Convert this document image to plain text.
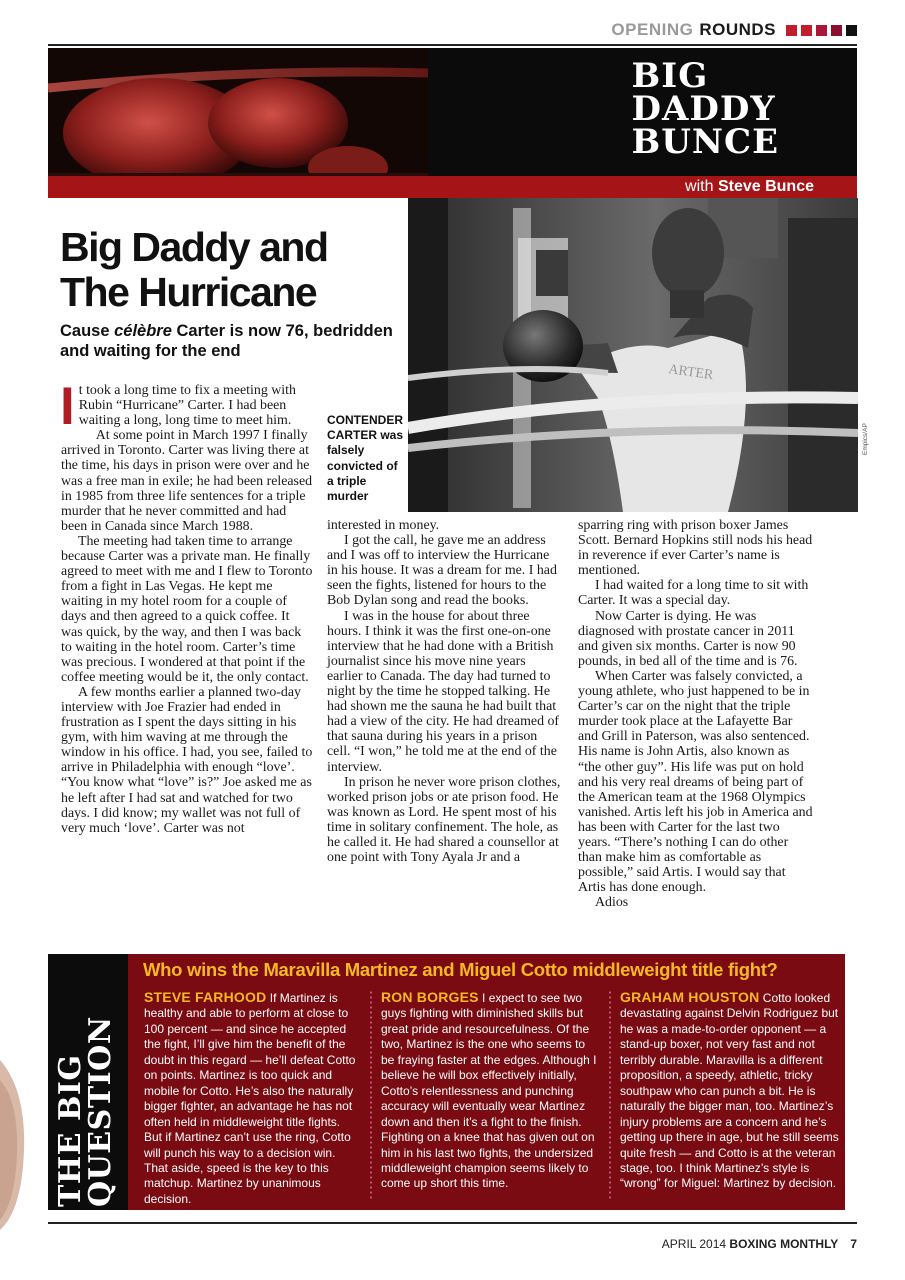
OPENING ROUNDS
BIG
DADDY
BUNCE
with Steve Bunce
Big Daddy and The Hurricane

Cause célèbre Carter is now 76, bedridden and waiting for the end

ARTER
Empics/AP
CONTENDER CARTER was falsely convicted of a triple murder

It took a long time to fix a meeting with Rubin “Hurricane” Carter. I had been waiting a long, long time to meet him.

At some point in March 1997 I finally arrived in Toronto. Carter was living there at the time, his days in prison were over and he was a free man in exile; he had been released in 1985 from three life sentences for a triple murder that he never committed and had been in Canada since March 1988.

The meeting had taken time to arrange because Carter was a private man. He finally agreed to meet with me and I flew to Toronto from a fight in Las Vegas. He kept me waiting in my hotel room for a couple of days and then agreed to a quick coffee. It was quick, by the way, and then I was back to waiting in the hotel room. Carter’s time was precious. I wondered at that point if the coffee meeting would be it, the only contact.

A few months earlier a planned two-day interview with Joe Frazier had ended in frustration as I spent the days sitting in his gym, with him waving at me through the window in his office. I had, you see, failed to arrive in Philadelphia with enough “love’. “You know what “love” is?” Joe asked me as he left after I had sat and watched for two days. I did know; my wallet was not full of very much ‘love’. Carter was not

interested in money.

I got the call, he gave me an address and I was off to interview the Hurricane in his house. It was a dream for me. I had seen the fights, listened for hours to the Bob Dylan song and read the books.

I was in the house for about three hours. I think it was the first one-on-one interview that he had done with a British journalist since his move nine years earlier to Canada. The day had turned to night by the time he stopped talking. He had shown me the sauna he had built that had a view of the city. He had dreamed of that sauna during his years in a prison cell. “I won,” he told me at the end of the interview.

In prison he never wore prison clothes, worked prison jobs or ate prison food. He was known as Lord. He spent most of his time in solitary confinement. The hole, as he called it. He had shared a counsellor at one point with Tony Ayala Jr and a

sparring ring with prison boxer James Scott. Bernard Hopkins still nods his head in reverence if ever Carter’s name is mentioned.

I had waited for a long time to sit with Carter. It was a special day.

Now Carter is dying. He was diagnosed with prostate cancer in 2011 and given six months. Carter is now 90 pounds, in bed all of the time and is 76.

When Carter was falsely convicted, a young athlete, who just happened to be in Carter’s car on the night that the triple murder took place at the Lafayette Bar and Grill in Paterson, was also sentenced. His name is John Artis, also known as “the other guy”. His life was put on hold and his very real dreams of being part of the American team at the 1968 Olympics vanished. Artis left his job in America and has been with Carter for the last two years. “There’s nothing I can do other than make him as comfortable as possible,” said Artis. I would say that Artis has done enough.

Adios

THE BIG
QUESTION
Who wins the Maravilla Martinez and Miguel Cotto middleweight title fight?
STEVE FARHOOD If Martinez is healthy and able to perform at close to 100 percent — and since he accepted the fight, I’ll give him the benefit of the doubt in this regard — he’ll defeat Cotto on points. Martinez is too quick and mobile for Cotto. He’s also the naturally bigger fighter, an advantage he has not often held in middleweight title fights. But if Martinez can’t use the ring, Cotto will punch his way to a decision win. That aside, speed is the key to this matchup. Martinez by unanimous decision.
RON BORGES I expect to see two guys fighting with diminished skills but great pride and resourcefulness. Of the two, Martinez is the one who seems to be fraying faster at the edges. Although I believe he will box effectively initially, Cotto’s relentlessness and punching accuracy will eventually wear Martinez down and then it’s a fight to the finish. Fighting on a knee that has given out on him in his last two fights, the undersized middleweight champion seems likely to come up short this time.
GRAHAM HOUSTON Cotto looked devastating against Delvin Rodriguez but he was a made-to-order opponent — a stand-up boxer, not very fast and not terribly durable. Maravilla is a different proposition, a speedy, athletic, tricky southpaw who can punch a bit. He is naturally the bigger man, too. Martinez’s injury problems are a concern and he’s getting up there in age, but he still seems quite fresh — and Cotto is at the veteran stage, too. I think Martinez’s style is “wrong” for Miguel: Martinez by decision.
APRIL 2014 BOXING MONTHLY 7
